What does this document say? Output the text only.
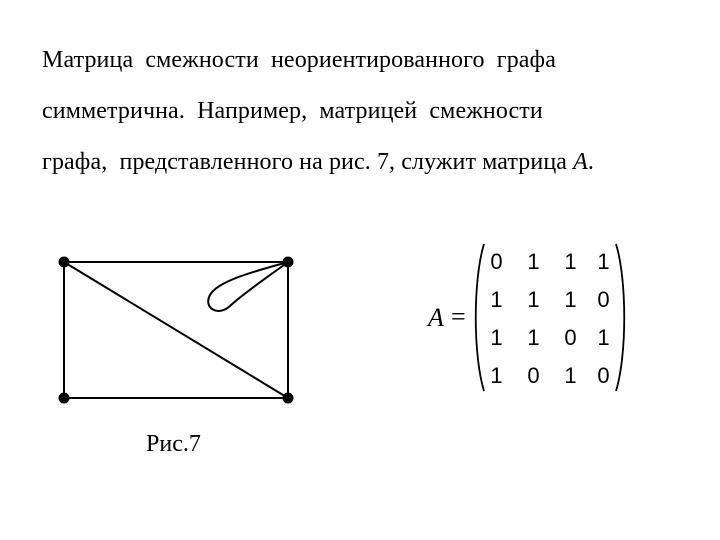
Матрица  смежности  неориентированного  графа
симметрична.  Например,  матрицей  смежности
графа,  представленного на рис. 7, служит матрица A.
Рис.7
A =
0	1	1 1
1	1	1 0
1	1	0 1
1	0	1 0
